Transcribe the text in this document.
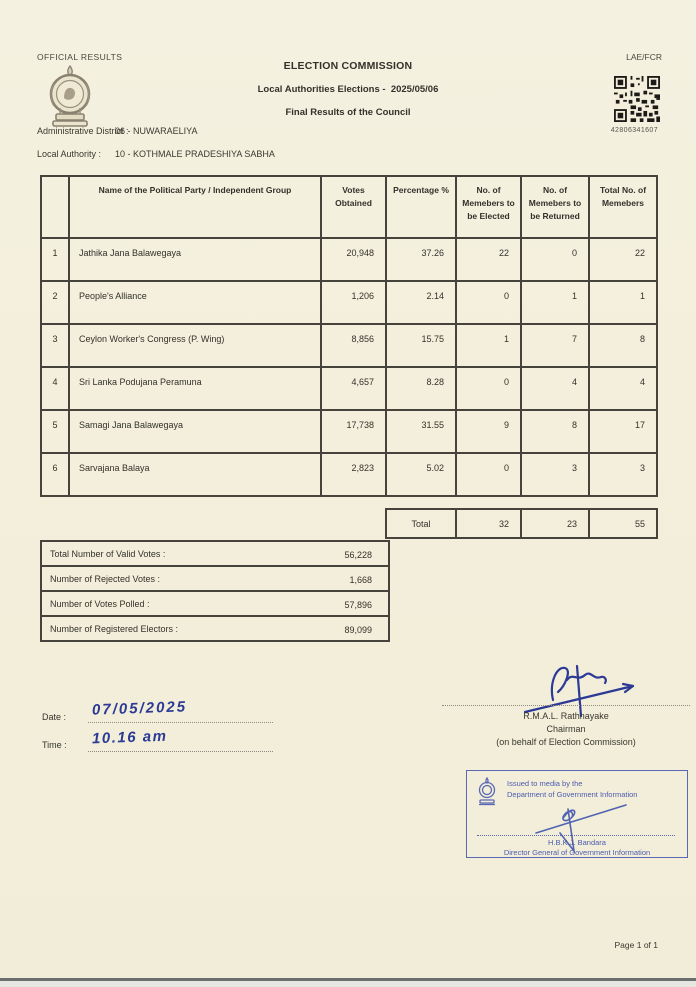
OFFICIAL RESULTS	LAE/FCR
ELECTION COMMISSION
Local Authorities Elections -  2025/05/06
Final Results of the Council
42806341607
Administrative District :
06 - NUWARAELIYA
Local Authority : 10 - KOTHMALE PRADESHIYA SABHA
	Name of the Political Party / Independent Group	Votes Obtained	Percentage %	No. of Memebers to be Elected	No. of Memebers to be Returned	Total No. of Memebers
1	Jathika Jana Balawegaya	20,948	37.26	22	0	22
2	People's Alliance	1,206	2.14	0	1	1
3	Ceylon Worker's Congress (P. Wing)	8,856	15.75	1	7	8
4	Sri Lanka Podujana Peramuna	4,657	8.28	0	4	4
5	Samagi Jana Balawegaya	17,738	31.55	9	8	17
6	Sarvajana Balaya	2,823	5.02	0	3	3
Total	32	23	55
Total Number of Valid Votes :	56,228
Number of Rejected Votes :	1,668
Number of Votes Polled :	57,896
Number of Registered Electors :	89,099
Date : 07/05/2025
Time : 10.16 am
R.M.A.L. Rathnayake
Chairman
(on behalf of Election Commission)
Issued to media by the
Department of Government Information
H.B.K.J. Bandara
Director General of Government Information
Page 1 of 1
